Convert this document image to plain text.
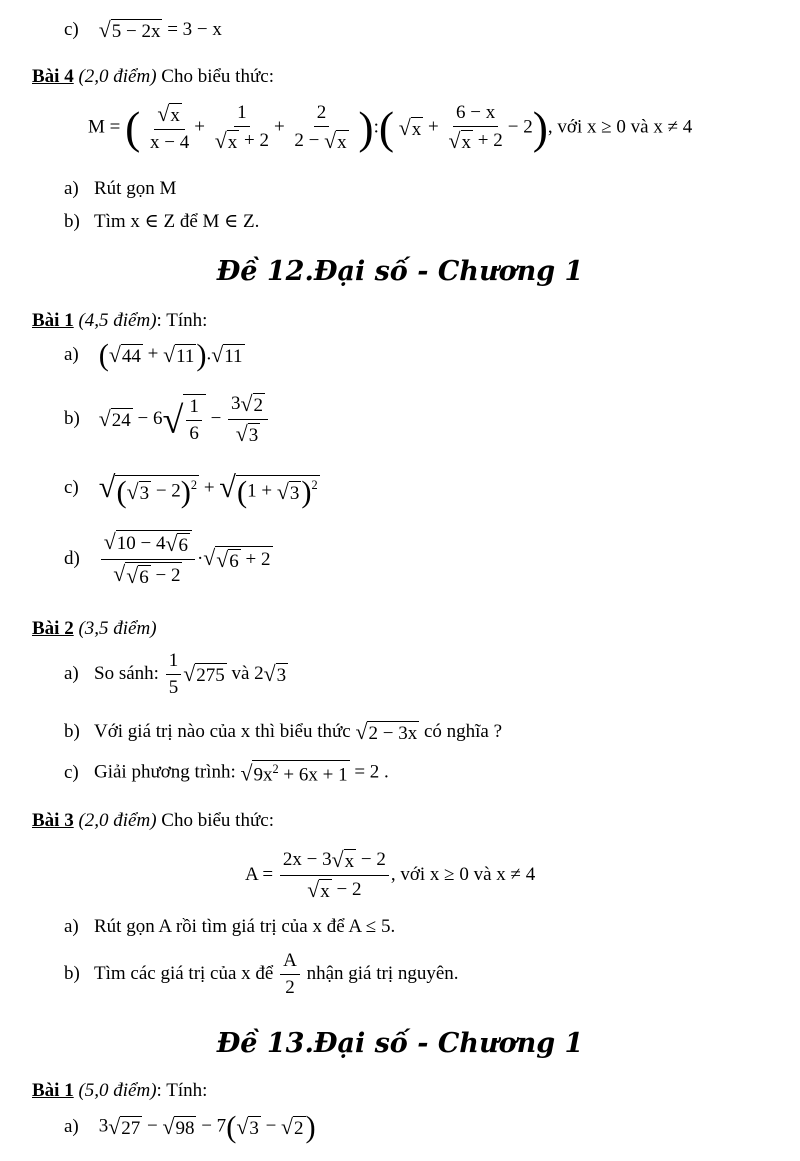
c) √5 − 2x = 3 − x
Bài 4 (2,0 điểm) Cho biểu thức:
M = ( $\frac{√x}{x - 4} + \frac{1}{√x + 2} + \frac{2}{2 - √x}$ ):( $√x + \frac{6 - x}{√x + 2} - 2$), với x ≥ 0 và x ≠ 4
a) Rút gọn M
b) Tìm x ∈ Z để M ∈ Z.
Đề 12.Đại số - Chương 1
Bài 1 (4,5 điểm): Tính:
a) (√44 + √11).√11
b) $√24 - 6√ \frac{1}{6} - \frac{3√2}{√3}$
c) $√(√3 - 2)^2 + √(1 + √3)^2$
$d) \frac{√10 - 4√6}{√√6 - 2} \cdot√√6 + 2$
Bài 2 (3,5 điểm)
a) So sánh: $\frac{1}{5} √275$ và 2√3
b) Với giá trị nào của x thì biểu thức √2 − 3x có nghĩa ?
c) Giải phương trình: $√9x^2 + 6x + 1 = 2$ .
Bài 3 (2,0 điểm) Cho biểu thức:
$A = \frac{2x - 3√x - 2}{√x - 2}$ , với x ≥ 0 và x ≠ 4
a) Rút gọn A rồi tìm giá trị của x để A ≤ 5.
b) Tìm các giá trị của x để $\frac{A}{2}$ nhận giá trị nguyên.
Đề 13.Đại số - Chương 1
Bài 1 (5,0 điểm): Tính:
a) 3√27 − √98 − 7(√3 − √2)
